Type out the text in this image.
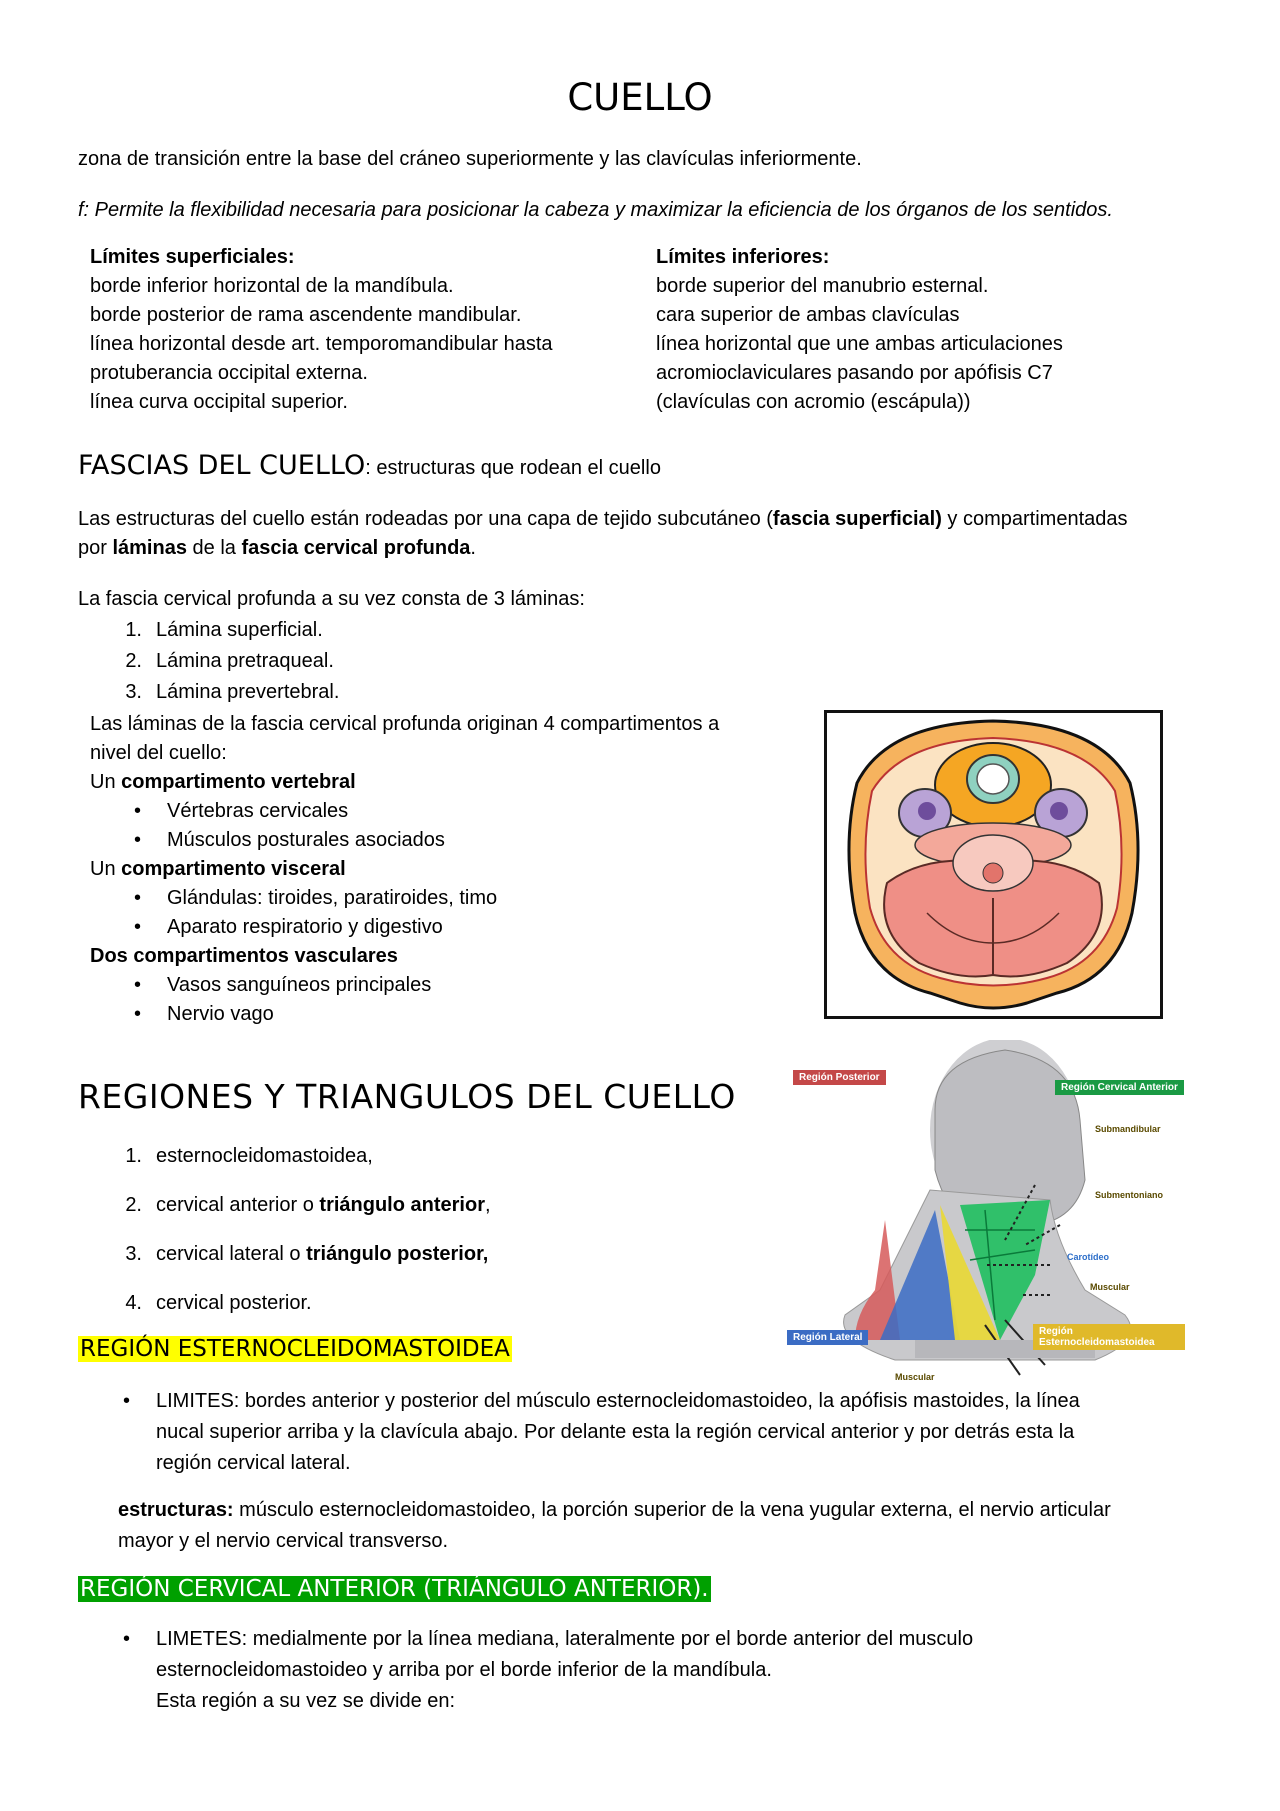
CUELLO
zona de transición entre la base del cráneo superiormente y las clavículas inferiormente.
f: Permite la flexibilidad necesaria para posicionar la cabeza y maximizar la eficiencia de los órganos de los sentidos.
Límites superficiales:
borde inferior horizontal de la mandíbula.
borde posterior de rama ascendente mandibular.
línea horizontal desde art. temporomandibular hasta
protuberancia occipital externa.
línea curva occipital superior.
Límites inferiores:
borde superior del manubrio esternal.
cara superior de ambas clavículas
línea horizontal que une ambas articulaciones
acromioclaviculares pasando por apófisis C7
(clavículas con acromio (escápula))
FASCIAS DEL CUELLO: estructuras que rodean el cuello
Las estructuras del cuello están rodeadas por una capa de tejido subcutáneo (fascia superficial) y compartimentadas
por láminas de la fascia cervical profunda.
La fascia cervical profunda a su vez consta de 3 láminas:
1. Lámina superficial.
2. Lámina pretraqueal.
3. Lámina prevertebral.
Las láminas de la fascia cervical profunda originan 4 compartimentos a
nivel del cuello:
Un compartimento vertebral
• Vértebras cervicales
• Músculos posturales asociados
Un compartimento visceral
• Glándulas: tiroides, paratiroides, timo
• Aparato respiratorio y digestivo
Dos compartimentos vasculares
• Vasos sanguíneos principales
• Nervio vago
REGIONES Y TRIANGULOS DEL CUELLO
1. esternocleidomastoidea,
2. cervical anterior o triángulo anterior,
3. cervical lateral o triángulo posterior,
4. cervical posterior.
Región Posterior
Región Cervical Anterior
Submandibular
Submentoniano
Carotídeo
Muscular
Región Lateral
Región Esternocleidomastoidea
Muscular
REGIÓN ESTERNOCLEIDOMASTOIDEA
• LIMITES: bordes anterior y posterior del músculo esternocleidomastoideo, la apófisis mastoides, la línea
nucal superior arriba y la clavícula abajo. Por delante esta la región cervical anterior y por detrás esta la
región cervical lateral.
estructuras: músculo esternocleidomastoideo, la porción superior de la vena yugular externa, el nervio articular
mayor y el nervio cervical transverso.
REGIÓN CERVICAL ANTERIOR (TRIÁNGULO ANTERIOR).
• LIMETES: medialmente por la línea mediana, lateralmente por el borde anterior del musculo
esternocleidomastoideo y arriba por el borde inferior de la mandíbula.
Esta región a su vez se divide en:
